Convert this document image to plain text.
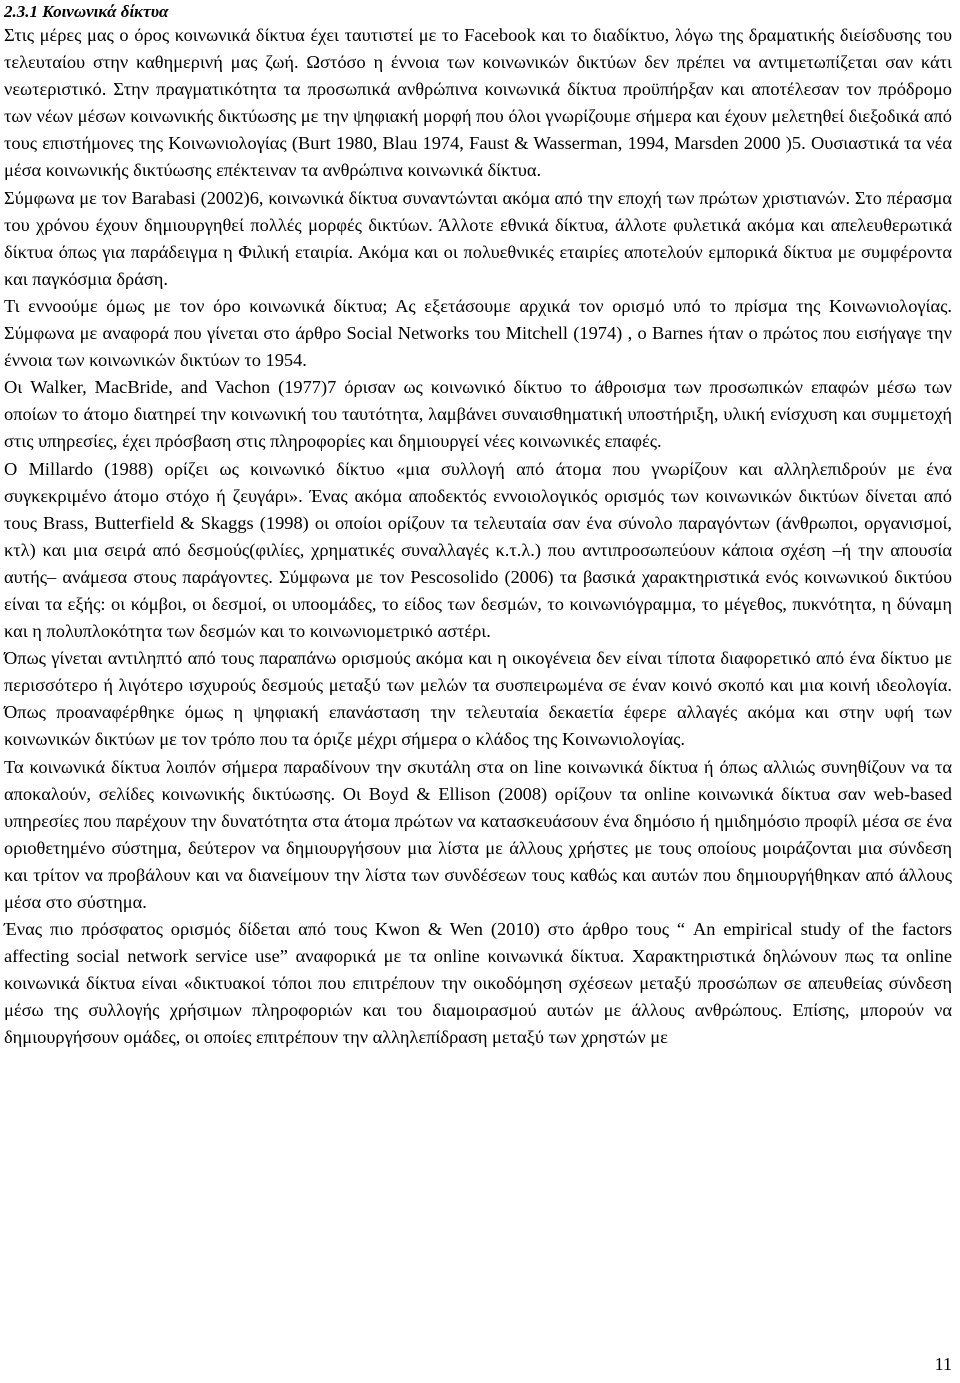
2.3.1 Κοινωνικά δίκτυα

Στις μέρες μας ο όρος κοινωνικά δίκτυα έχει ταυτιστεί με το Facebook και το διαδίκτυο, λόγω της δραματικής διείσδυσης του τελευταίου στην καθημερινή μας ζωή. Ωστόσο η έννοια των κοινωνικών δικτύων δεν πρέπει να αντιμετωπίζεται σαν κάτι νεωτεριστικό. Στην πραγματικότητα τα προσωπικά ανθρώπινα κοινωνικά δίκτυα προϋπήρξαν και αποτέλεσαν τον πρόδρομο των νέων μέσων κοινωνικής δικτύωσης με την ψηφιακή μορφή που όλοι γνωρίζουμε σήμερα και έχουν μελετηθεί διεξοδικά από τους επιστήμονες της Κοινωνιολογίας (Burt 1980, Blau 1974, Faust & Wasserman, 1994, Marsden 2000 )5. Ουσιαστικά τα νέα μέσα κοινωνικής δικτύωσης επέκτειναν τα ανθρώπινα κοινωνικά δίκτυα.

Σύμφωνα με τον Barabasi (2002)6, κοινωνικά δίκτυα συναντώνται ακόμα από την εποχή των πρώτων χριστιανών. Στο πέρασμα του χρόνου έχουν δημιουργηθεί πολλές μορφές δικτύων. Άλλοτε εθνικά δίκτυα, άλλοτε φυλετικά ακόμα και απελευθερωτικά δίκτυα όπως για παράδειγμα η Φιλική εταιρία. Ακόμα και οι πολυεθνικές εταιρίες αποτελούν εμπορικά δίκτυα με συμφέροντα και παγκόσμια δράση.

Τι εννοούμε όμως με τον όρο κοινωνικά δίκτυα; Ας εξετάσουμε αρχικά τον ορισμό υπό το πρίσμα της Κοινωνιολογίας. Σύμφωνα με αναφορά που γίνεται στο άρθρο Social Networks του Mitchell (1974) , ο Barnes ήταν ο πρώτος που εισήγαγε την έννοια των κοινωνικών δικτύων το 1954.

Οι Walker, MacBride, and Vachon (1977)7 όρισαν ως κοινωνικό δίκτυο το άθροισμα των προσωπικών επαφών μέσω των οποίων το άτομο διατηρεί την κοινωνική του ταυτότητα, λαμβάνει συναισθηματική υποστήριξη, υλική ενίσχυση και συμμετοχή στις υπηρεσίες, έχει πρόσβαση στις πληροφορίες και δημιουργεί νέες κοινωνικές επαφές.

Ο Millardo (1988) ορίζει ως κοινωνικό δίκτυο «μια συλλογή από άτομα που γνωρίζουν και αλληλεπιδρούν με ένα συγκεκριμένο άτομο στόχο ή ζευγάρι». Ένας ακόμα αποδεκτός εννοιολογικός ορισμός των κοινωνικών δικτύων δίνεται από τους Brass, Butterfield & Skaggs (1998) οι οποίοι ορίζουν τα τελευταία σαν ένα σύνολο παραγόντων (άνθρωποι, οργανισμοί, κτλ) και μια σειρά από δεσμούς(φιλίες, χρηματικές συναλλαγές κ.τ.λ.) που αντιπροσωπεύουν κάποια σχέση –ή την απουσία αυτής– ανάμεσα στους παράγοντες. Σύμφωνα με τον Pescosolido (2006) τα βασικά χαρακτηριστικά ενός κοινωνικού δικτύου είναι τα εξής: οι κόμβοι, οι δεσμοί, οι υποομάδες, το είδος των δεσμών, το κοινωνιόγραμμα, το μέγεθος, πυκνότητα, η δύναμη και η πολυπλοκότητα των δεσμών και το κοινωνιομετρικό αστέρι.

Όπως γίνεται αντιληπτό από τους παραπάνω ορισμούς ακόμα και η οικογένεια δεν είναι τίποτα διαφορετικό από ένα δίκτυο με περισσότερο ή λιγότερο ισχυρούς δεσμούς μεταξύ των μελών τα συσπειρωμένα σε έναν κοινό σκοπό και μια κοινή ιδεολογία. Όπως προαναφέρθηκε όμως η ψηφιακή επανάσταση την τελευταία δεκαετία έφερε αλλαγές ακόμα και στην υφή των κοινωνικών δικτύων με τον τρόπο που τα όριζε μέχρι σήμερα ο κλάδος της Κοινωνιολογίας.

Τα κοινωνικά δίκτυα λοιπόν σήμερα παραδίνουν την σκυτάλη στα on line κοινωνικά δίκτυα ή όπως αλλιώς συνηθίζουν να τα αποκαλούν, σελίδες κοινωνικής δικτύωσης. Οι Boyd & Ellison (2008) ορίζουν τα online κοινωνικά δίκτυα σαν web-based υπηρεσίες που παρέχουν την δυνατότητα στα άτομα πρώτων να κατασκευάσουν ένα δημόσιο ή ημιδημόσιο προφίλ μέσα σε ένα οριοθετημένο σύστημα, δεύτερον να δημιουργήσουν μια λίστα με άλλους χρήστες με τους οποίους μοιράζονται μια σύνδεση και τρίτον να προβάλουν και να διανείμουν την λίστα των συνδέσεων τους καθώς και αυτών που δημιουργήθηκαν από άλλους μέσα στο σύστημα.

Ένας πιο πρόσφατος ορισμός δίδεται από τους Kwon & Wen (2010) στο άρθρο τους “ An empirical study of the factors affecting social network service use” αναφορικά με τα online κοινωνικά δίκτυα. Χαρακτηριστικά δηλώνουν πως τα online κοινωνικά δίκτυα είναι «δικτυακοί τόποι που επιτρέπουν την οικοδόμηση σχέσεων μεταξύ προσώπων σε απευθείας σύνδεση μέσω της συλλογής χρήσιμων πληροφοριών και του διαμοιρασμού αυτών με άλλους ανθρώπους. Επίσης, μπορούν να δημιουργήσουν ομάδες, οι οποίες επιτρέπουν την αλληλεπίδραση μεταξύ των χρηστών με

11
